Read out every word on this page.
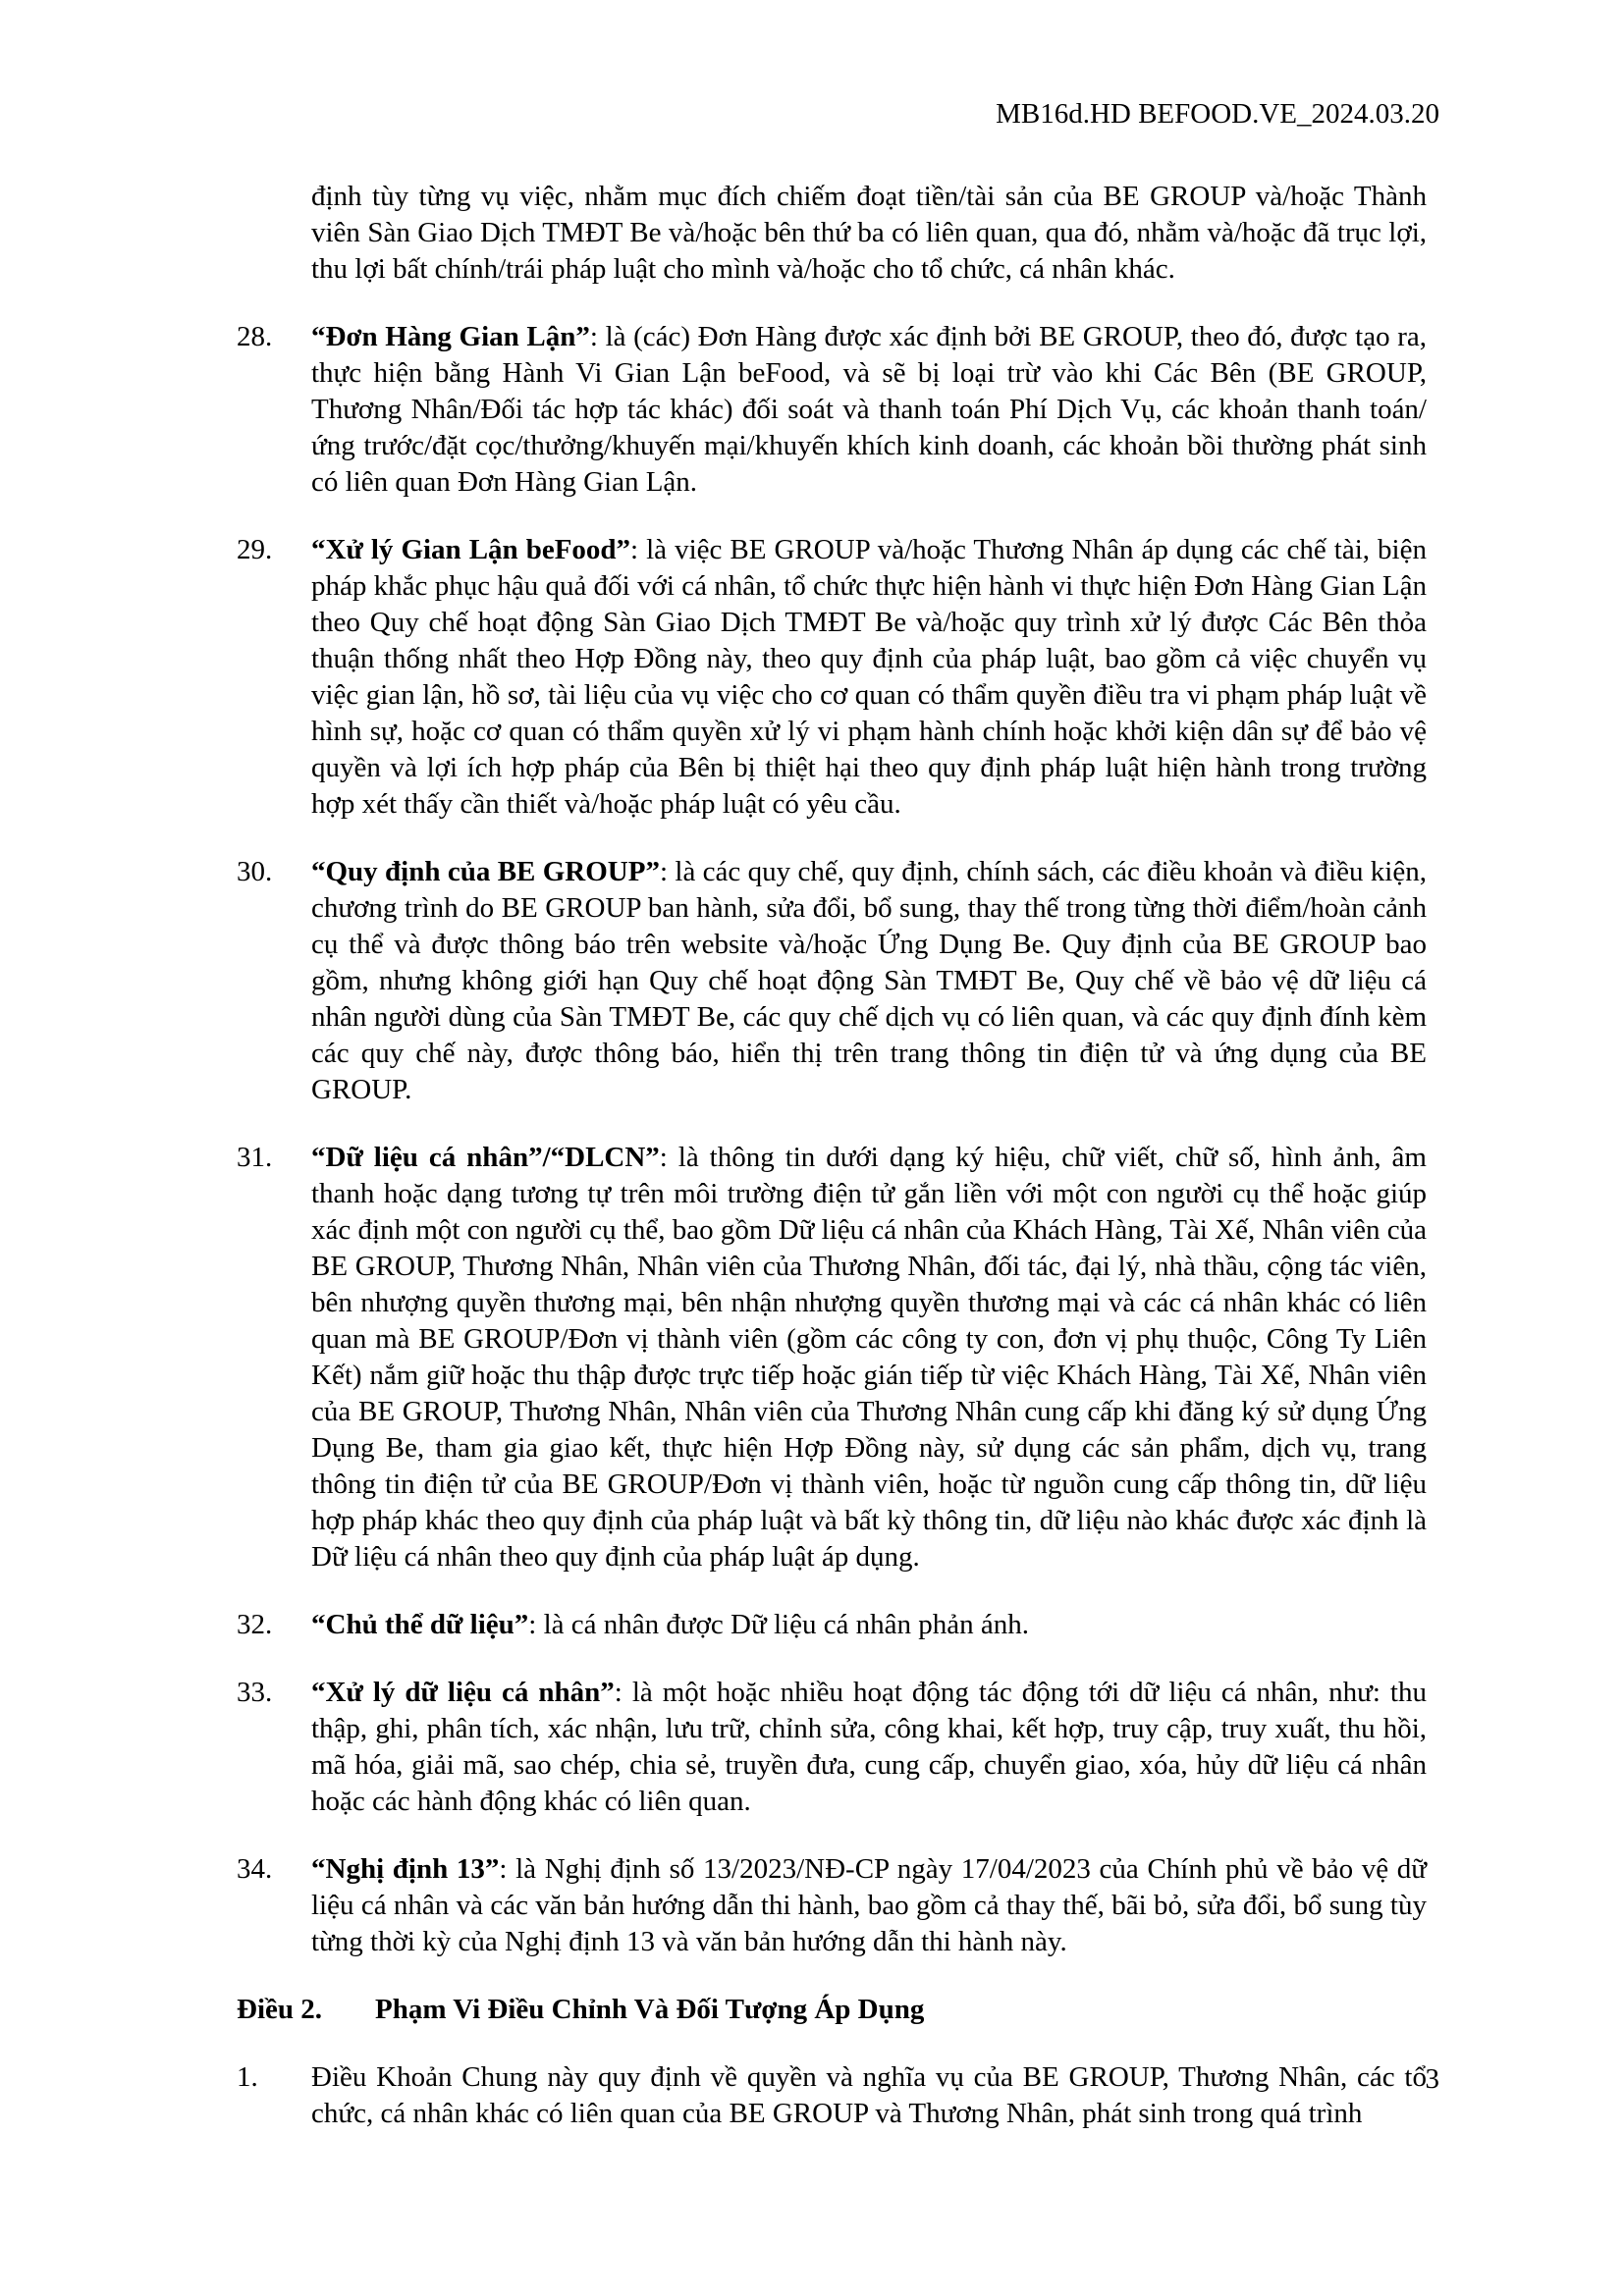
MB16d.HD BEFOOD.VE_2024.03.20

định tùy từng vụ việc, nhằm mục đích chiếm đoạt tiền/tài sản của BE GROUP và/hoặc Thành viên Sàn Giao Dịch TMĐT Be và/hoặc bên thứ ba có liên quan, qua đó, nhằm và/hoặc đã trục lợi, thu lợi bất chính/trái pháp luật cho mình và/hoặc cho tổ chức, cá nhân khác.

28. “Đơn Hàng Gian Lận”: là (các) Đơn Hàng được xác định bởi BE GROUP, theo đó, được tạo ra, thực hiện bằng Hành Vi Gian Lận beFood, và sẽ bị loại trừ vào khi Các Bên (BE GROUP, Thương Nhân/Đối tác hợp tác khác) đối soát và thanh toán Phí Dịch Vụ, các khoản thanh toán/ứng trước/đặt cọc/thưởng/khuyến mại/khuyến khích kinh doanh, các khoản bồi thường phát sinh có liên quan Đơn Hàng Gian Lận.
29. “Xử lý Gian Lận beFood”: là việc BE GROUP và/hoặc Thương Nhân áp dụng các chế tài, biện pháp khắc phục hậu quả đối với cá nhân, tổ chức thực hiện hành vi thực hiện Đơn Hàng Gian Lận theo Quy chế hoạt động Sàn Giao Dịch TMĐT Be và/hoặc quy trình xử lý được Các Bên thỏa thuận thống nhất theo Hợp Đồng này, theo quy định của pháp luật, bao gồm cả việc chuyển vụ việc gian lận, hồ sơ, tài liệu của vụ việc cho cơ quan có thẩm quyền điều tra vi phạm pháp luật về hình sự, hoặc cơ quan có thẩm quyền xử lý vi phạm hành chính hoặc khởi kiện dân sự để bảo vệ quyền và lợi ích hợp pháp của Bên bị thiệt hại theo quy định pháp luật hiện hành trong trường hợp xét thấy cần thiết và/hoặc pháp luật có yêu cầu.
30. “Quy định của BE GROUP”: là các quy chế, quy định, chính sách, các điều khoản và điều kiện, chương trình do BE GROUP ban hành, sửa đổi, bổ sung, thay thế trong từng thời điểm/hoàn cảnh cụ thể và được thông báo trên website và/hoặc Ứng Dụng Be. Quy định của BE GROUP bao gồm, nhưng không giới hạn Quy chế hoạt động Sàn TMĐT Be, Quy chế về bảo vệ dữ liệu cá nhân người dùng của Sàn TMĐT Be, các quy chế dịch vụ có liên quan, và các quy định đính kèm các quy chế này, được thông báo, hiển thị trên trang thông tin điện tử và ứng dụng của BE GROUP.
31. “Dữ liệu cá nhân”/“DLCN”: là thông tin dưới dạng ký hiệu, chữ viết, chữ số, hình ảnh, âm thanh hoặc dạng tương tự trên môi trường điện tử gắn liền với một con người cụ thể hoặc giúp xác định một con người cụ thể, bao gồm Dữ liệu cá nhân của Khách Hàng, Tài Xế, Nhân viên của BE GROUP, Thương Nhân, Nhân viên của Thương Nhân, đối tác, đại lý, nhà thầu, cộng tác viên, bên nhượng quyền thương mại, bên nhận nhượng quyền thương mại và các cá nhân khác có liên quan mà BE GROUP/Đơn vị thành viên (gồm các công ty con, đơn vị phụ thuộc, Công Ty Liên Kết) nắm giữ hoặc thu thập được trực tiếp hoặc gián tiếp từ việc Khách Hàng, Tài Xế, Nhân viên của BE GROUP, Thương Nhân, Nhân viên của Thương Nhân cung cấp khi đăng ký sử dụng Ứng Dụng Be, tham gia giao kết, thực hiện Hợp Đồng này, sử dụng các sản phẩm, dịch vụ, trang thông tin điện tử của BE GROUP/Đơn vị thành viên, hoặc từ nguồn cung cấp thông tin, dữ liệu hợp pháp khác theo quy định của pháp luật và bất kỳ thông tin, dữ liệu nào khác được xác định là Dữ liệu cá nhân theo quy định của pháp luật áp dụng.
32. “Chủ thể dữ liệu”: là cá nhân được Dữ liệu cá nhân phản ánh.
33. “Xử lý dữ liệu cá nhân”: là một hoặc nhiều hoạt động tác động tới dữ liệu cá nhân, như: thu thập, ghi, phân tích, xác nhận, lưu trữ, chỉnh sửa, công khai, kết hợp, truy cập, truy xuất, thu hồi, mã hóa, giải mã, sao chép, chia sẻ, truyền đưa, cung cấp, chuyển giao, xóa, hủy dữ liệu cá nhân hoặc các hành động khác có liên quan.
34. “Nghị định 13”: là Nghị định số 13/2023/NĐ-CP ngày 17/04/2023 của Chính phủ về bảo vệ dữ liệu cá nhân và các văn bản hướng dẫn thi hành, bao gồm cả thay thế, bãi bỏ, sửa đổi, bổ sung tùy từng thời kỳ của Nghị định 13 và văn bản hướng dẫn thi hành này.
Điều 2. Phạm Vi Điều Chỉnh Và Đối Tượng Áp Dụng
1. Điều Khoản Chung này quy định về quyền và nghĩa vụ của BE GROUP, Thương Nhân, các tổ chức, cá nhân khác có liên quan của BE GROUP và Thương Nhân, phát sinh trong quá trình
3
